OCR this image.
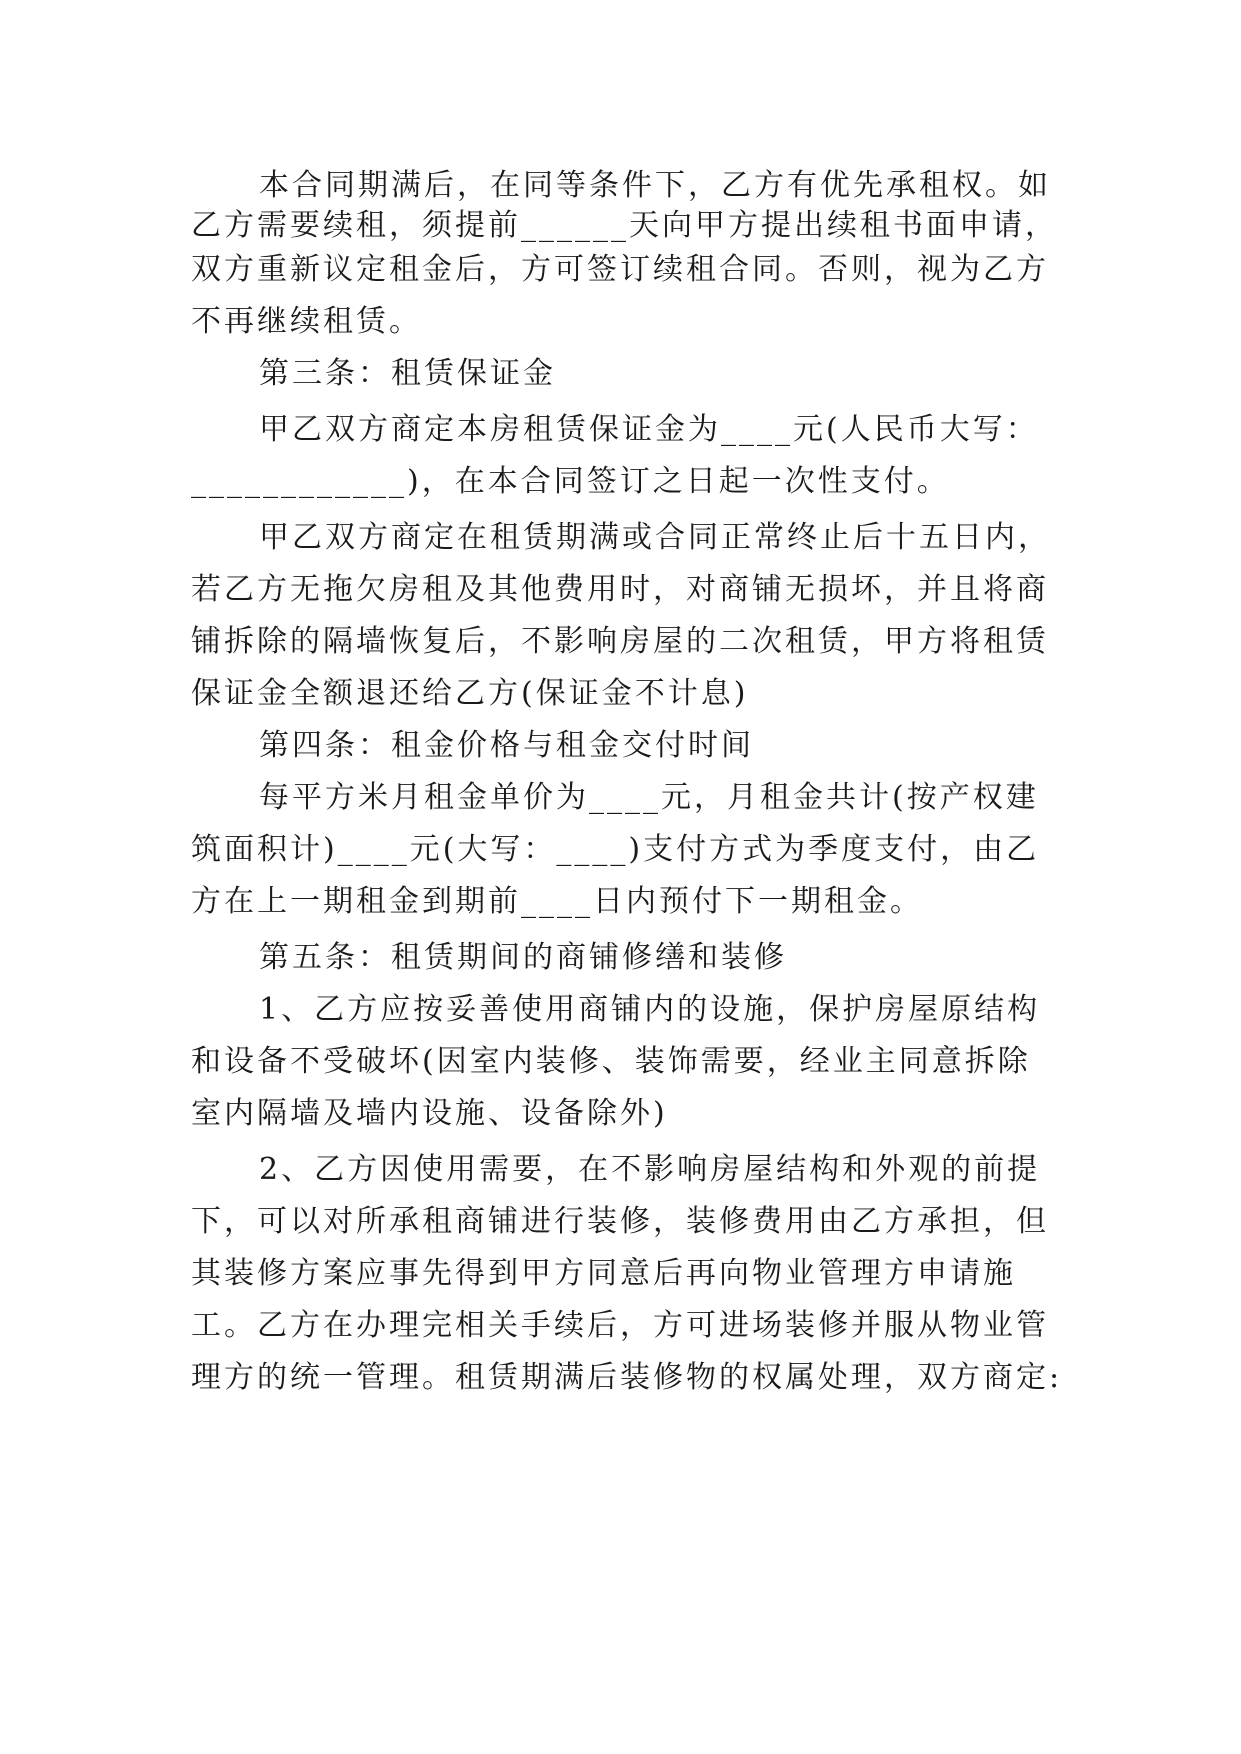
本合同期满后，在同等条件下，乙方有优先承租权。如
乙方需要续租，须提前______天向甲方提出续租书面申请，
双方重新议定租金后，方可签订续租合同。否则，视为乙方
不再继续租赁。
第三条：租赁保证金
甲乙双方商定本房租赁保证金为____元(人民币大写：
____________)，在本合同签订之日起一次性支付。
甲乙双方商定在租赁期满或合同正常终止后十五日内，
若乙方无拖欠房租及其他费用时，对商铺无损坏，并且将商
铺拆除的隔墙恢复后，不影响房屋的二次租赁，甲方将租赁
保证金全额退还给乙方(保证金不计息)
第四条：租金价格与租金交付时间
每平方米月租金单价为____元，月租金共计(按产权建
筑面积计)____元(大写：____)支付方式为季度支付，由乙
方在上一期租金到期前____日内预付下一期租金。
第五条：租赁期间的商铺修缮和装修
1、乙方应按妥善使用商铺内的设施，保护房屋原结构
和设备不受破坏(因室内装修、装饰需要，经业主同意拆除
室内隔墙及墙内设施、设备除外)
2、乙方因使用需要，在不影响房屋结构和外观的前提
下，可以对所承租商铺进行装修，装修费用由乙方承担，但
其装修方案应事先得到甲方同意后再向物业管理方申请施
工。乙方在办理完相关手续后，方可进场装修并服从物业管
理方的统一管理。租赁期满后装修物的权属处理，双方商定:
